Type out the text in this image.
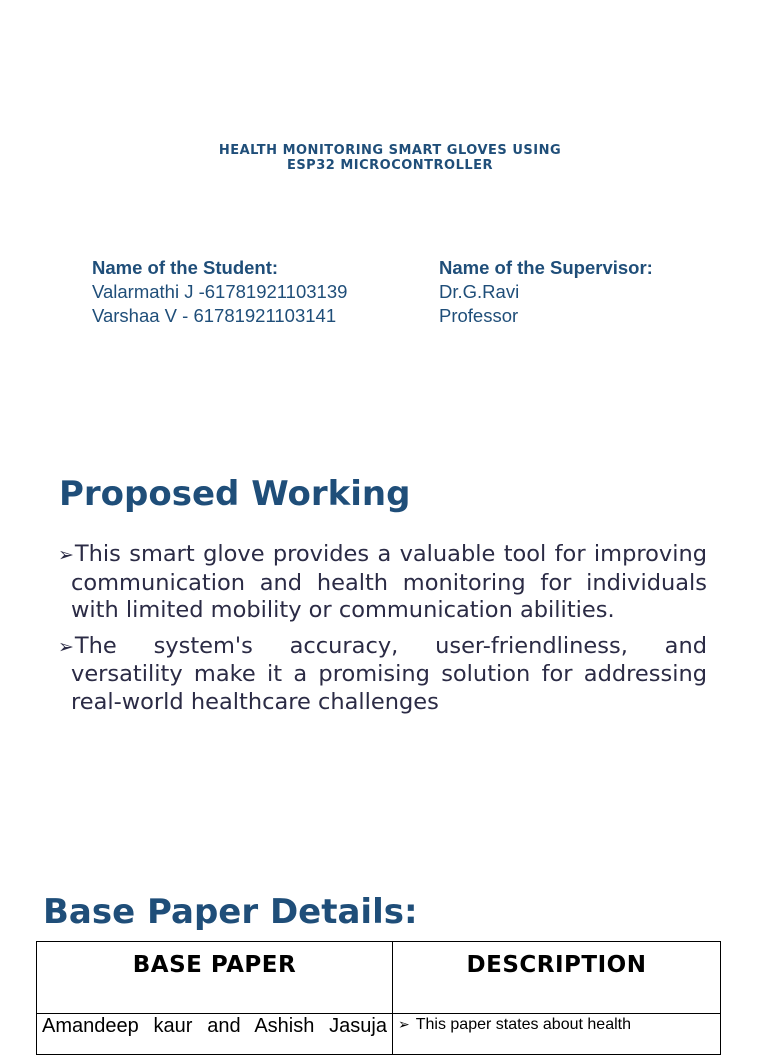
HEALTH MONITORING SMART GLOVES USING
ESP32 MICROCONTROLLER
Name of the Student:
Valarmathi J -61781921103139
Varshaa V - 61781921103141
Name of the Supervisor:
Dr.G.Ravi
Professor
Proposed Working
➢This smart glove provides a valuable tool for improving communication and health monitoring for individuals with limited mobility or communication abilities.
➢The system's accuracy, user-friendliness, and versatility make it a promising solution for addressing real-world healthcare challenges
Base Paper Details:
BASE PAPER	DESCRIPTION
Amandeep kaur and Ashish Jasuja	➢ This paper states about health
